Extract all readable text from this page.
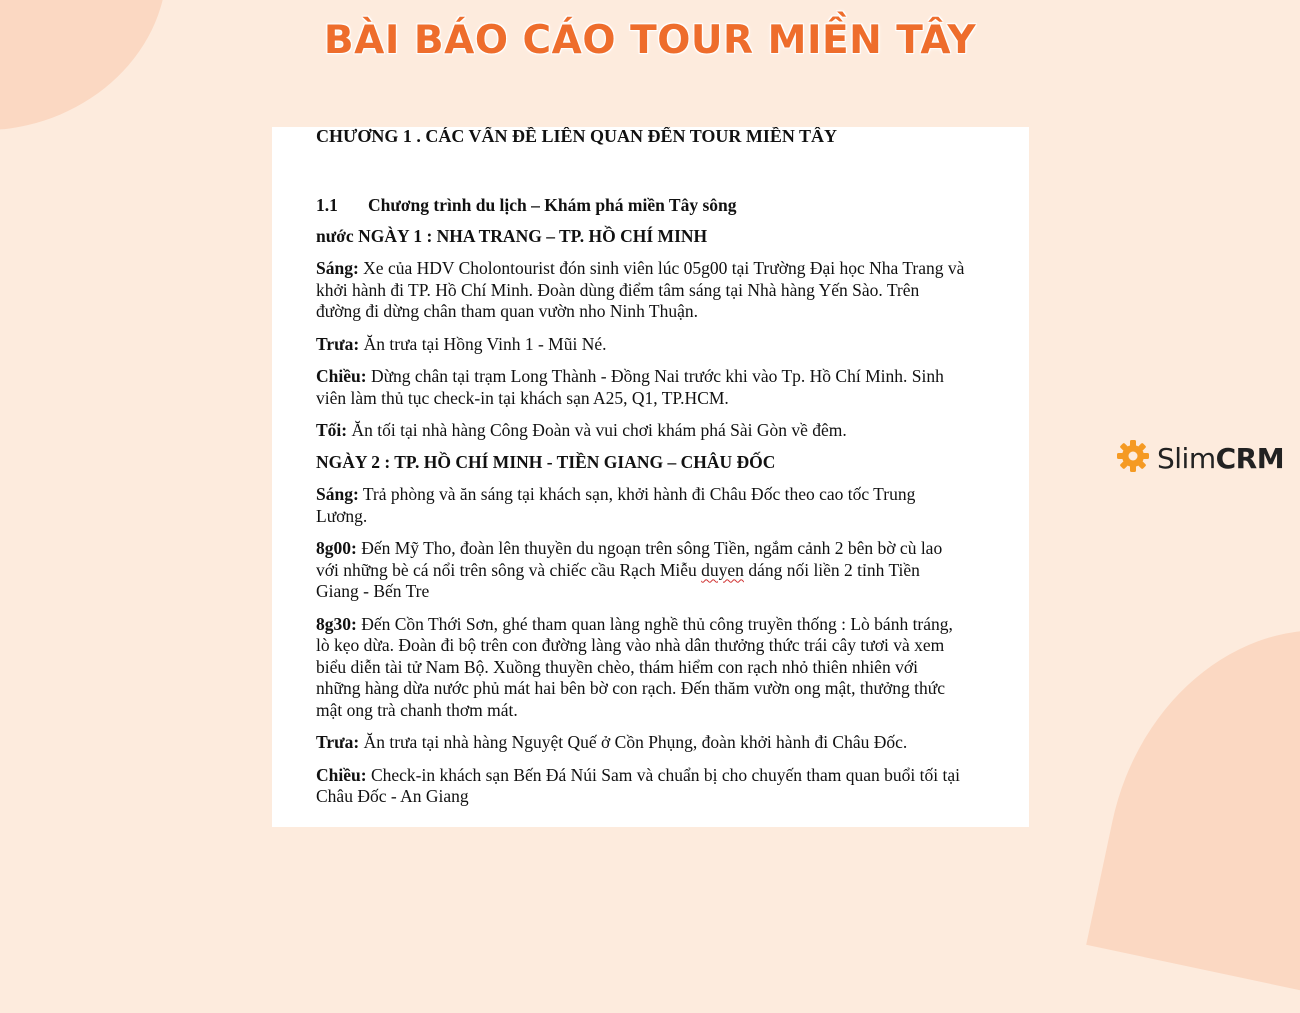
BÀI BÁO CÁO TOUR MIỀN TÂY

CHƯƠNG 1 . CÁC VẤN ĐỀ LIÊN QUAN ĐẾN TOUR MIỀN TÂY

1.1 Chương trình du lịch – Khám phá miền Tây sông

nước NGÀY 1 : NHA TRANG – TP. HỒ CHÍ MINH

Sáng: Xe của HDV Cholontourist đón sinh viên lúc 05g00 tại Trường Đại học Nha Trang và khởi hành đi TP. Hồ Chí Minh. Đoàn dùng điểm tâm sáng tại Nhà hàng Yến Sào. Trên đường đi dừng chân tham quan vườn nho Ninh Thuận.

Trưa: Ăn trưa tại Hồng Vinh 1 - Mũi Né.

Chiều: Dừng chân tại trạm Long Thành - Đồng Nai trước khi vào Tp. Hồ Chí Minh. Sinh viên làm thủ tục check-in tại khách sạn A25, Q1, TP.HCM.

Tối: Ăn tối tại nhà hàng Công Đoàn và vui chơi khám phá Sài Gòn về đêm.

NGÀY 2 : TP. HỒ CHÍ MINH - TIỀN GIANG – CHÂU ĐỐC

Sáng: Trả phòng và ăn sáng tại khách sạn, khởi hành đi Châu Đốc theo cao tốc Trung Lương.

8g00: Đến Mỹ Tho, đoàn lên thuyền du ngoạn trên sông Tiền, ngắm cảnh 2 bên bờ cù lao với những bè cá nổi trên sông và chiếc cầu Rạch Miễu duyen dáng nối liền 2 tỉnh Tiền Giang - Bến Tre

8g30: Đến Cồn Thới Sơn, ghé tham quan làng nghề thủ công truyền thống : Lò bánh tráng, lò kẹo dừa. Đoàn đi bộ trên con đường làng vào nhà dân thưởng thức trái cây tươi và xem biểu diễn tài tử Nam Bộ. Xuồng thuyền chèo, thám hiểm con rạch nhỏ thiên nhiên với những hàng dừa nước phủ mát hai bên bờ con rạch. Đến thăm vườn ong mật, thưởng thức mật ong trà chanh thơm mát.

Trưa: Ăn trưa tại nhà hàng Nguyệt Quế ở Cồn Phụng, đoàn khởi hành đi Châu Đốc.

Chiều: Check-in khách sạn Bến Đá Núi Sam và chuẩn bị cho chuyến tham quan buổi tối tại Châu Đốc - An Giang

SlimCRM
